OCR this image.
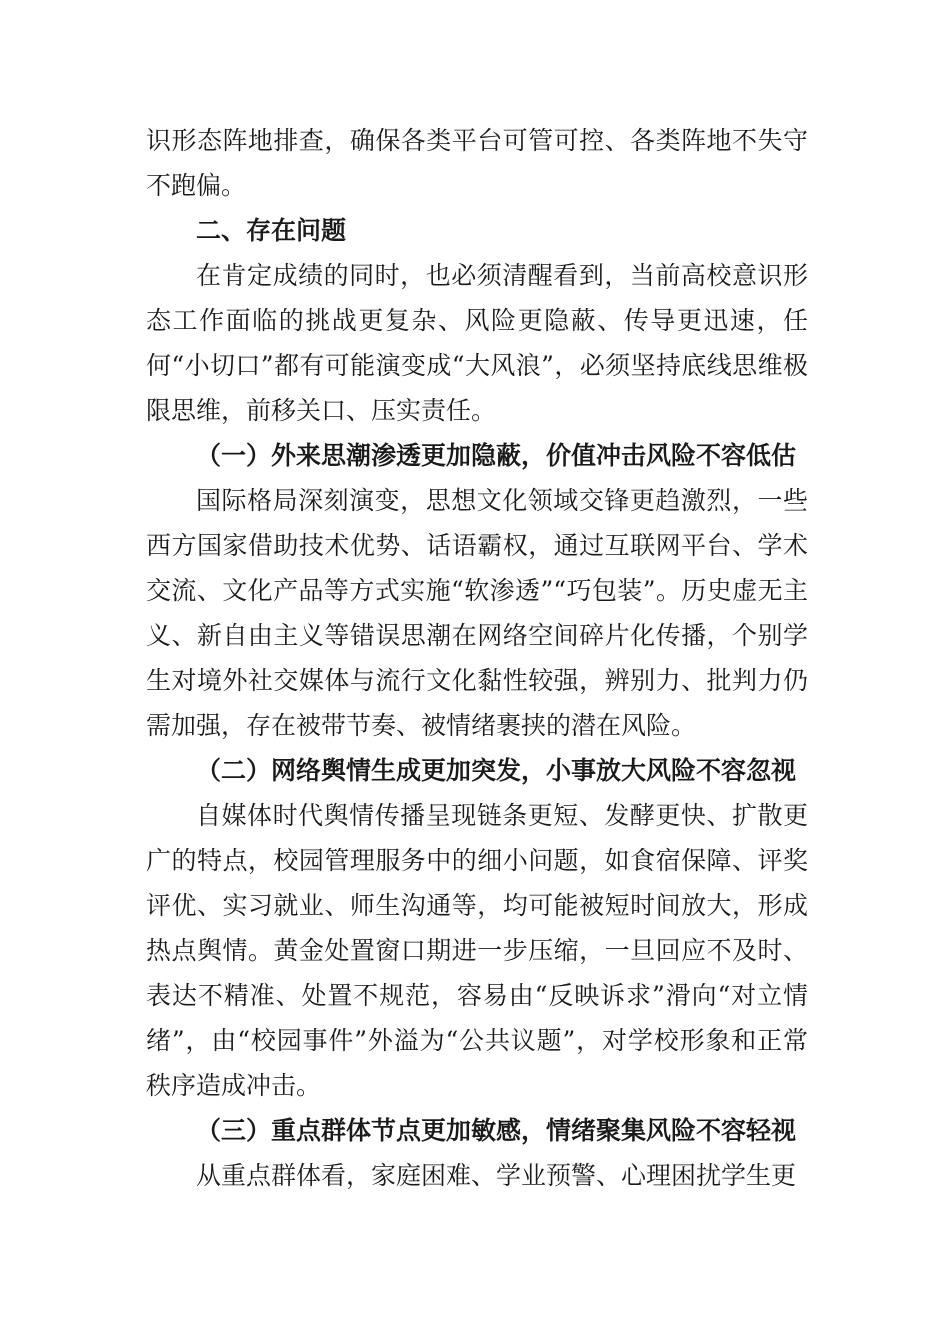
识形态阵地排查，确保各类平台可管可控、各类阵地不失守不跑偏。

二、存在问题

在肯定成绩的同时，也必须清醒看到，当前高校意识形态工作面临的挑战更复杂、风险更隐蔽、传导更迅速，任何“小切口”都有可能演变成“大风浪”，必须坚持底线思维极限思维，前移关口、压实责任。

（一）外来思潮渗透更加隐蔽，价值冲击风险不容低估

国际格局深刻演变，思想文化领域交锋更趋激烈，一些西方国家借助技术优势、话语霸权，通过互联网平台、学术交流、文化产品等方式实施“软渗透”“巧包装”。历史虚无主义、新自由主义等错误思潮在网络空间碎片化传播，个别学生对境外社交媒体与流行文化黏性较强，辨别力、批判力仍需加强，存在被带节奏、被情绪裹挟的潜在风险。

（二）网络舆情生成更加突发，小事放大风险不容忽视

自媒体时代舆情传播呈现链条更短、发酵更快、扩散更广的特点，校园管理服务中的细小问题，如食宿保障、评奖评优、实习就业、师生沟通等，均可能被短时间放大，形成热点舆情。黄金处置窗口期进一步压缩，一旦回应不及时、表达不精准、处置不规范，容易由“反映诉求”滑向“对立情绪”，由“校园事件”外溢为“公共议题”，对学校形象和正常秩序造成冲击。

（三）重点群体节点更加敏感，情绪聚集风险不容轻视

从重点群体看，家庭困难、学业预警、心理困扰学生更
